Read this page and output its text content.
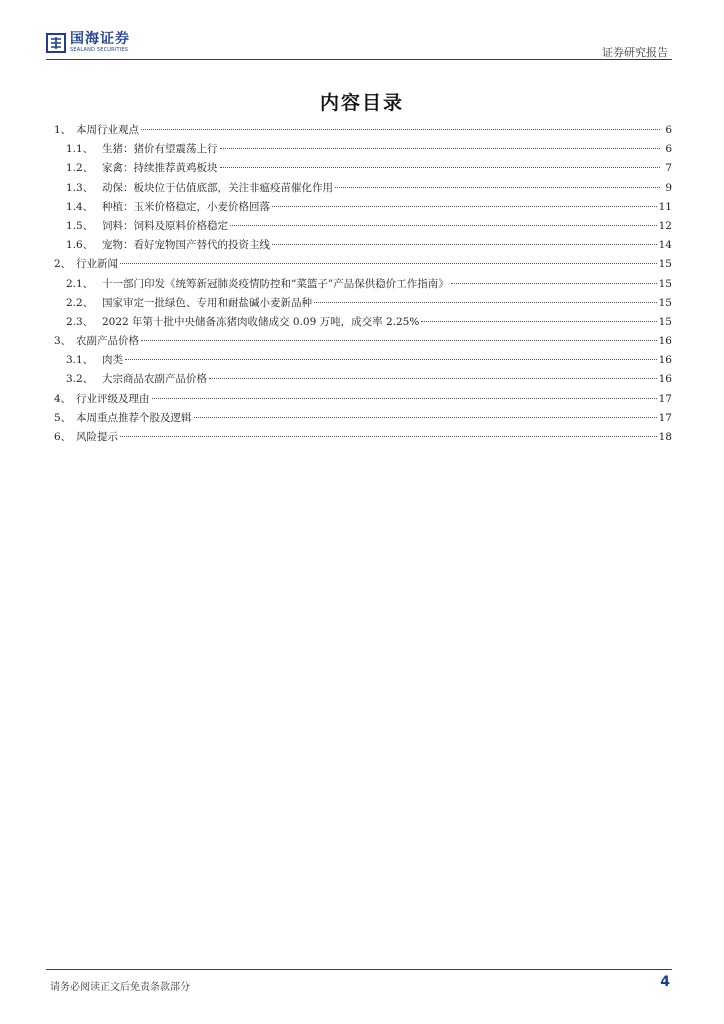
国海证券
SEALAND SECURITIES	证券研究报告
内容目录
1、 本周行业观点	6
1.1、 生猪：猪价有望震荡上行	6
1.2、 家禽：持续推荐黄鸡板块	7
1.3、 动保：板块位于估值底部，关注非瘟疫苗催化作用	9
1.4、 种植：玉米价格稳定，小麦价格回落	11
1.5、 饲料：饲料及原料价格稳定	12
1.6、 宠物：看好宠物国产替代的投资主线	14
2、 行业新闻	15
2.1、 十一部门印发《统筹新冠肺炎疫情防控和“菜篮子”产品保供稳价工作指南》	15
2.2、 国家审定一批绿色、专用和耐盐碱小麦新品种	15
2.3、 2022 年第十批中央储备冻猪肉收储成交 0.09 万吨，成交率 2.25%	15
3、 农副产品价格	16
3.1、 肉类	16
3.2、 大宗商品农副产品价格	16
4、 行业评级及理由	17
5、 本周重点推荐个股及逻辑	17
6、 风险提示	18
请务必阅读正文后免责条款部分	4
